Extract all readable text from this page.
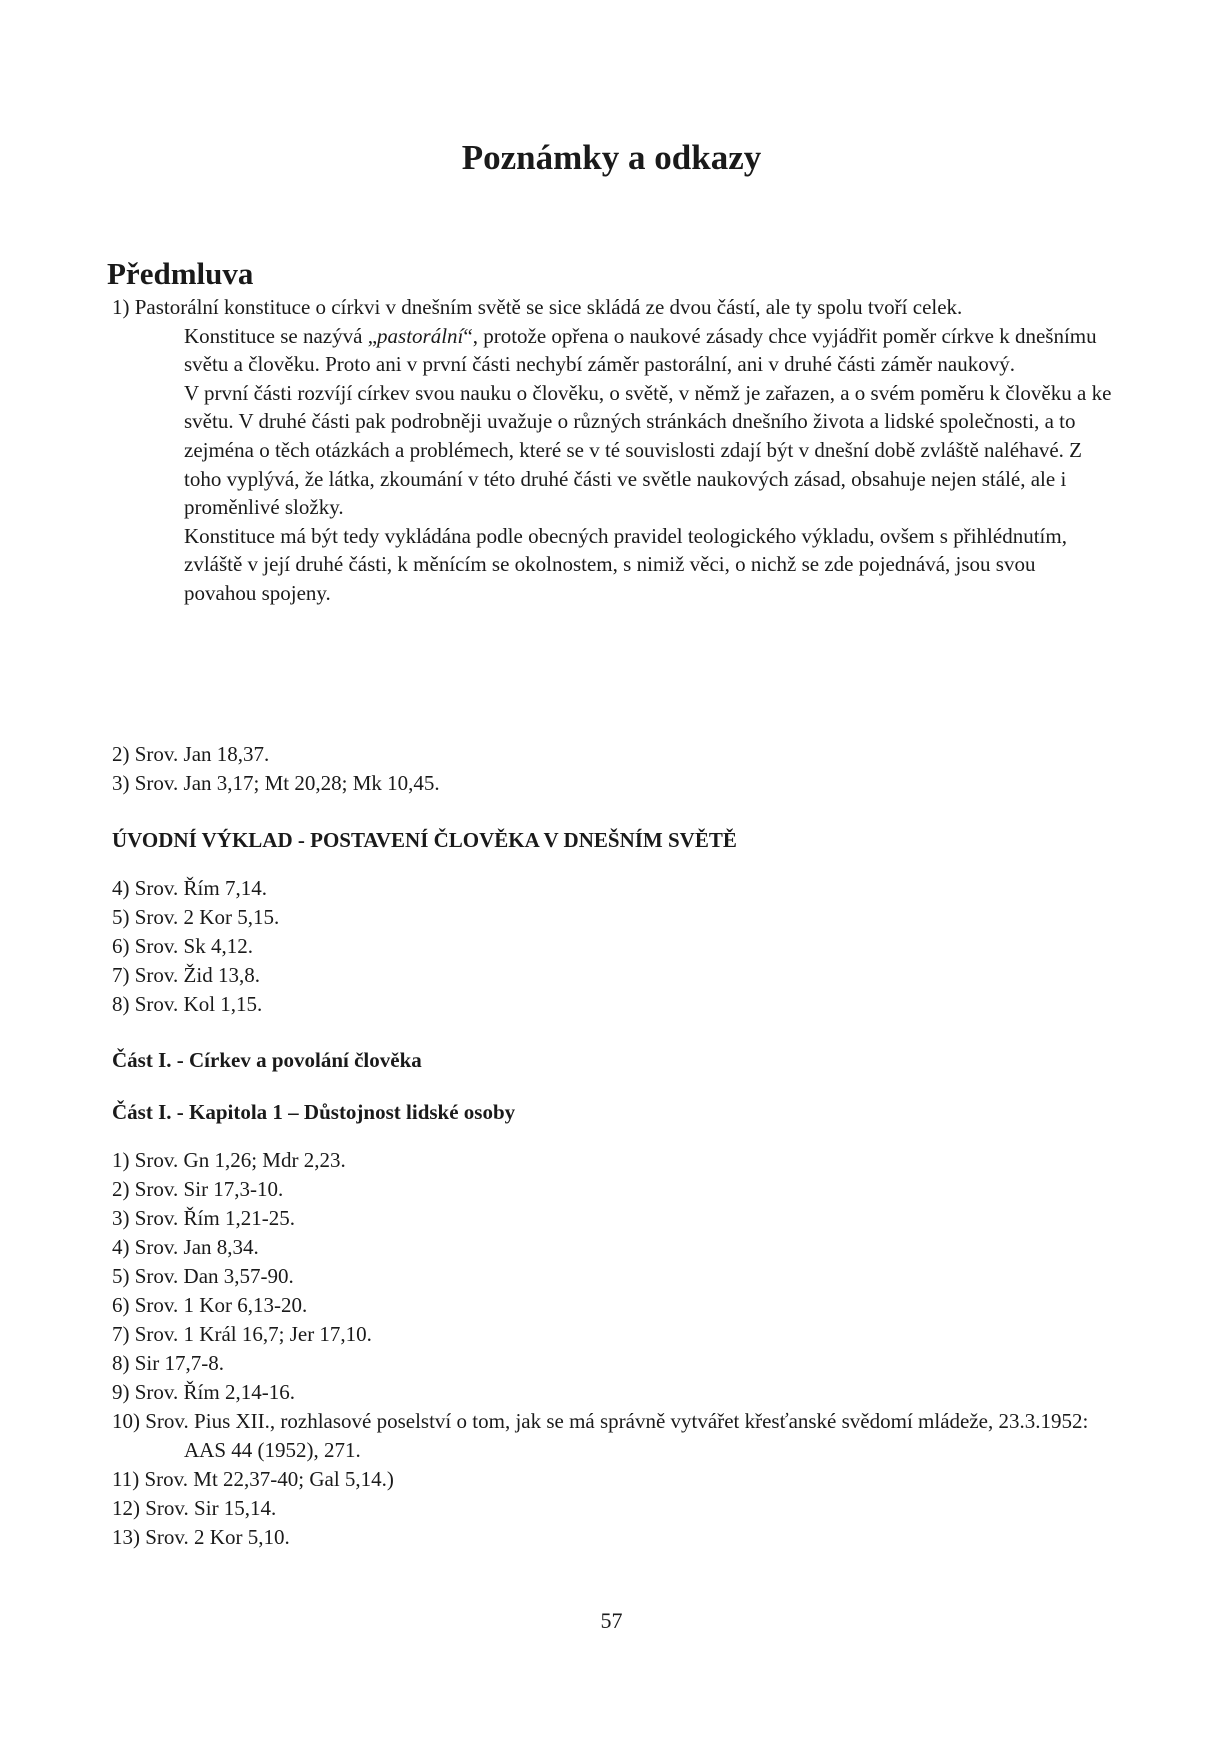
Poznámky a odkazy
Předmluva

1) Pastorální konstituce o církvi v dnešním světě se sice skládá ze dvou částí, ale ty spolu tvoří celek.

Konstituce se nazývá „pastorální“, protože opřena o naukové zásady chce vyjádřit poměr církve k dnešnímu světu a člověku. Proto ani v první části nechybí záměr pastorální, ani v druhé části záměr naukový.

V první části rozvíjí církev svou nauku o člověku, o světě, v němž je zařazen, a o svém poměru k člověku a ke světu. V druhé části pak podrobněji uvažuje o různých stránkách dnešního života a lidské společnosti, a to zejména o těch otázkách a problémech, které se v té souvislosti zdají být v dnešní době zvláště naléhavé. Z toho vyplývá, že látka, zkoumání v této druhé části ve světle naukových zásad, obsahuje nejen stálé, ale i proměnlivé složky.

Konstituce má být tedy vykládána podle obecných pravidel teologického výkladu, ovšem s přihlédnutím, zvláště v její druhé části, k měnícím se okolnostem, s nimiž věci, o nichž se zde pojednává, jsou svou povahou spojeny.

2) Srov. Jan 18,37.
3) Srov. Jan 3,17; Mt 20,28; Mk 10,45.
ÚVODNÍ VÝKLAD - POSTAVENÍ ČLOVĚKA V DNEŠNÍM SVĚTĚ
4) Srov. Řím 7,14.
5) Srov. 2 Kor 5,15.
6) Srov. Sk 4,12.
7) Srov. Žid 13,8.
8) Srov. Kol 1,15.
Část I. - Církev a povolání člověka
Část I. - Kapitola 1 – Důstojnost lidské osoby
1) Srov. Gn 1,26; Mdr 2,23.
2) Srov. Sir 17,3-10.
3) Srov. Řím 1,21-25.
4) Srov. Jan 8,34.
5) Srov. Dan 3,57-90.
6) Srov. 1 Kor 6,13-20.
7) Srov. 1 Král 16,7; Jer 17,10.
8) Sir 17,7-8.
9) Srov. Řím 2,14-16.
10) Srov. Pius XII., rozhlasové poselství o tom, jak se má správně vytvářet křesťanské svědomí mládeže, 23.3.1952: AAS 44 (1952), 271.
11) Srov. Mt 22,37-40; Gal 5,14.)
12) Srov. Sir 15,14.
13) Srov. 2 Kor 5,10.
57
